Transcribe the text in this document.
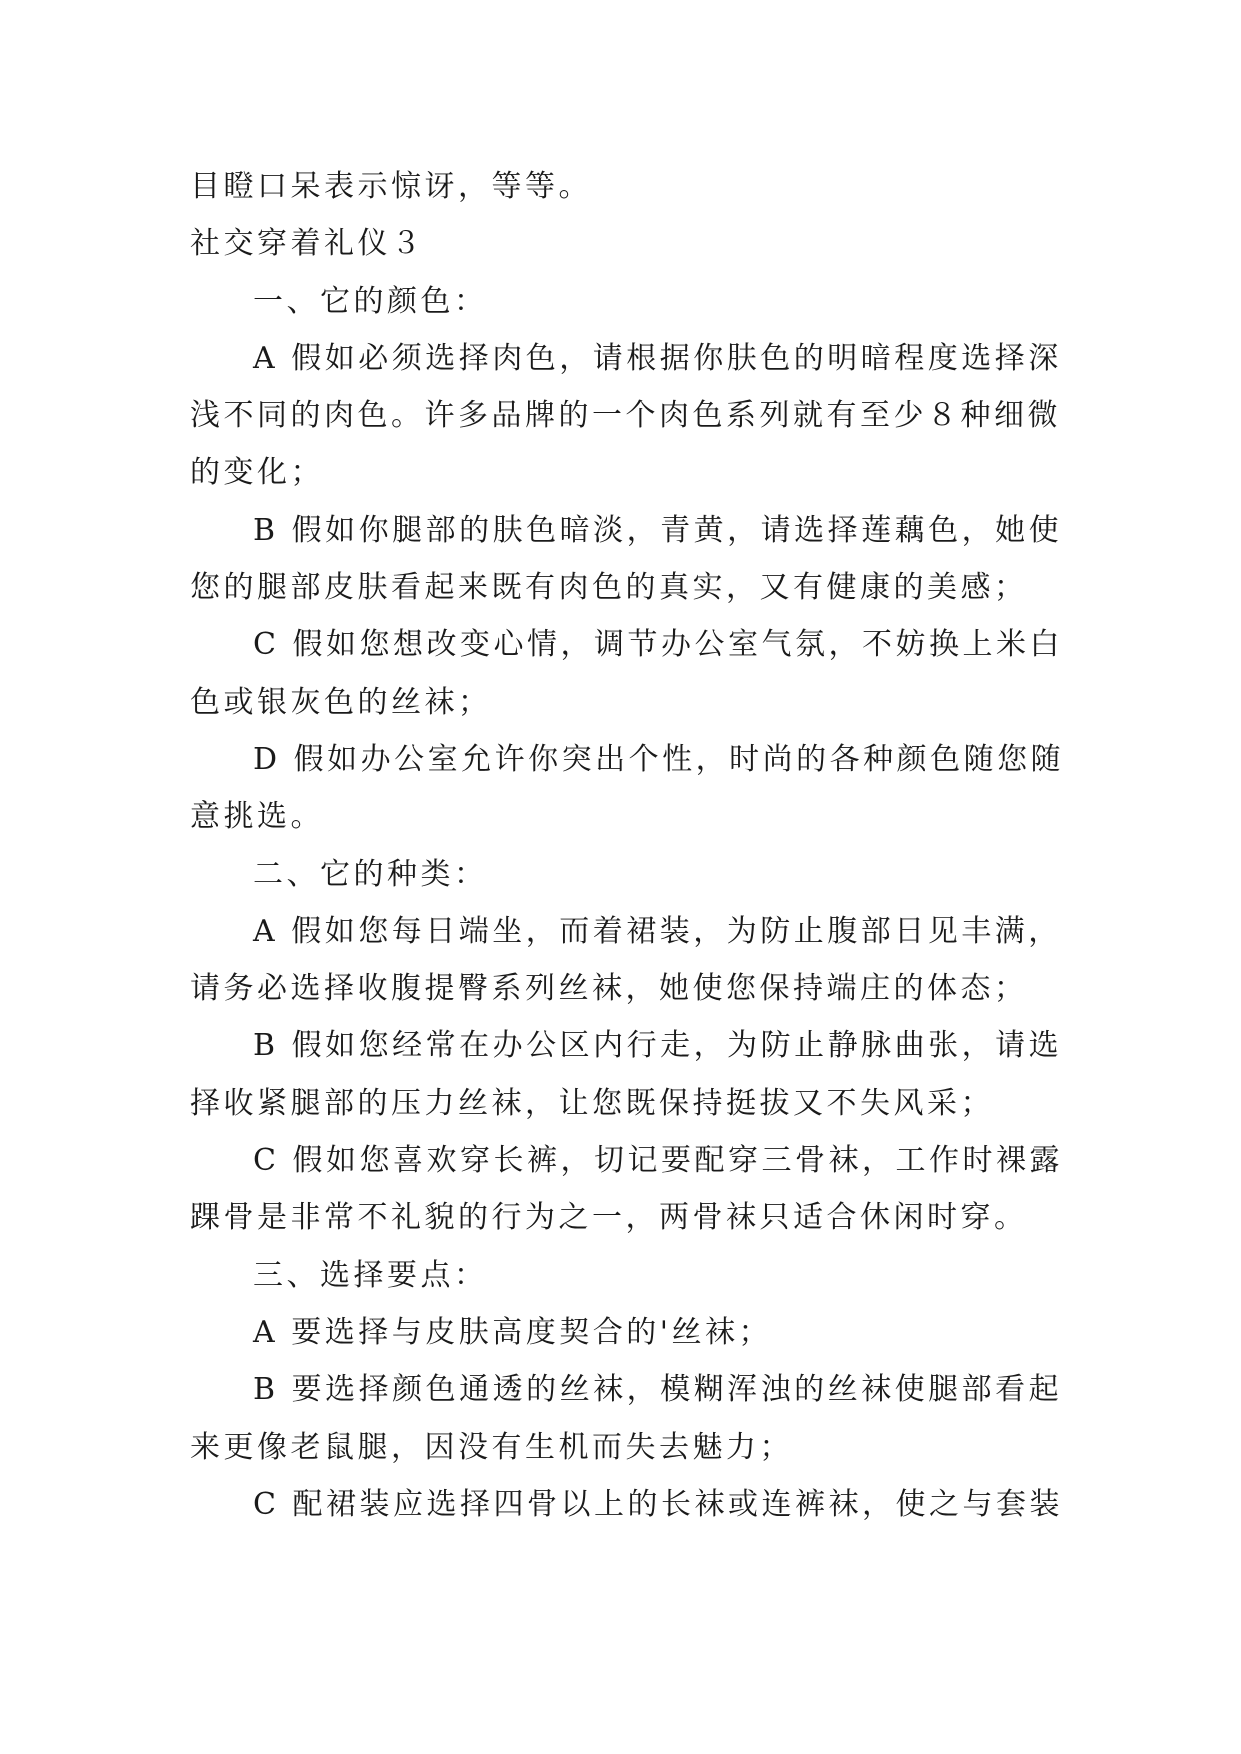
目瞪口呆表示惊讶，等等。
社交穿着礼仪３
一、它的颜色：
A 假如必须选择肉色，请根据你肤色的明暗程度选择深
浅不同的肉色。许多品牌的一个肉色系列就有至少８种细微
的变化；
B 假如你腿部的肤色暗淡，青黄，请选择莲藕色，她使
您的腿部皮肤看起来既有肉色的真实，又有健康的美感；
C 假如您想改变心情，调节办公室气氛，不妨换上米白
色或银灰色的丝袜；
D 假如办公室允许你突出个性，时尚的各种颜色随您随
意挑选。
二、它的种类：
A 假如您每日端坐，而着裙装，为防止腹部日见丰满，
请务必选择收腹提臀系列丝袜，她使您保持端庄的体态；
B 假如您经常在办公区内行走，为防止静脉曲张，请选
择收紧腿部的压力丝袜，让您既保持挺拔又不失风采；
C 假如您喜欢穿长裤，切记要配穿三骨袜，工作时裸露
踝骨是非常不礼貌的行为之一，两骨袜只适合休闲时穿。
三、选择要点：
A 要选择与皮肤高度契合的'丝袜；
B 要选择颜色通透的丝袜，模糊浑浊的丝袜使腿部看起
来更像老鼠腿，因没有生机而失去魅力；
C 配裙装应选择四骨以上的长袜或连裤袜，使之与套装
